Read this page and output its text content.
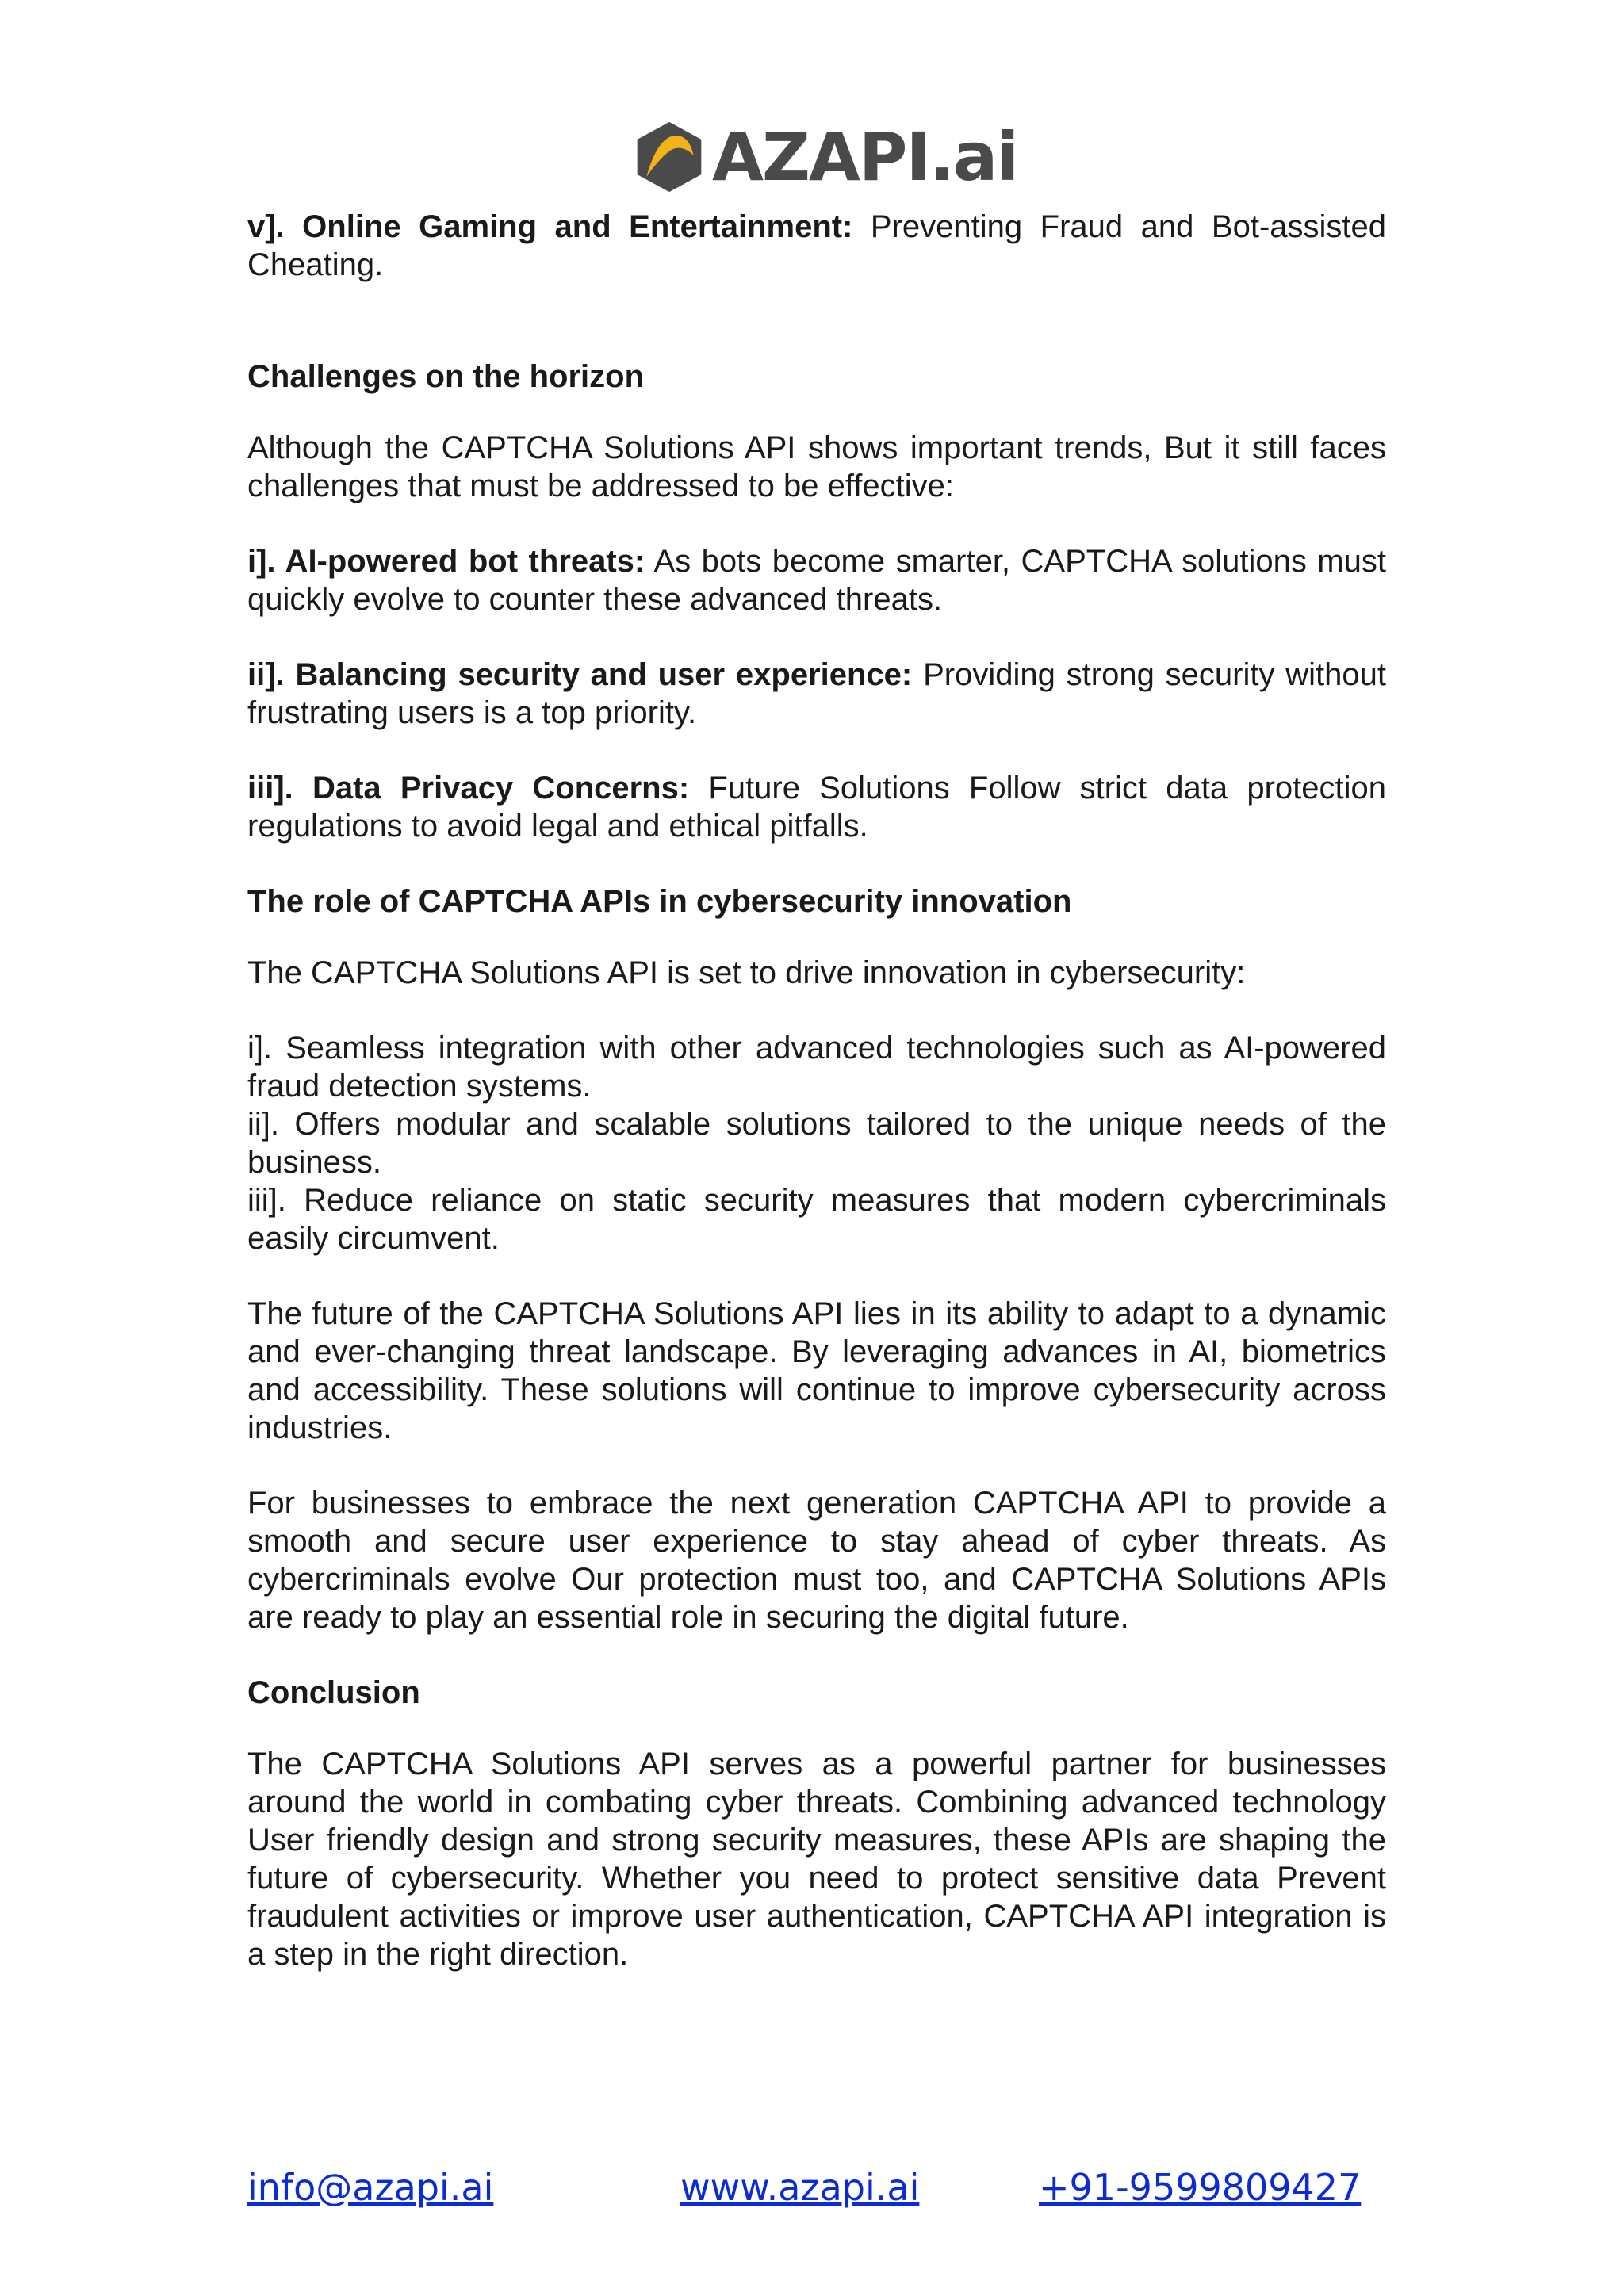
AZAPI.ai

v]. Online Gaming and Entertainment: Preventing Fraud and Bot-assisted Cheating.

Challenges on the horizon

Although the CAPTCHA Solutions API shows important trends, But it still faces challenges that must be addressed to be effective:

i]. AI-powered bot threats: As bots become smarter, CAPTCHA solutions must quickly evolve to counter these advanced threats.

ii]. Balancing security and user experience: Providing strong security without frustrating users is a top priority.

iii]. Data Privacy Concerns: Future Solutions Follow strict data protection regulations to avoid legal and ethical pitfalls.

The role of CAPTCHA APIs in cybersecurity innovation

The CAPTCHA Solutions API is set to drive innovation in cybersecurity:

i]. Seamless integration with other advanced technologies such as AI-powered fraud detection systems.

ii]. Offers modular and scalable solutions tailored to the unique needs of the business.

iii]. Reduce reliance on static security measures that modern cybercriminals easily circumvent.

The future of the CAPTCHA Solutions API lies in its ability to adapt to a dynamic and ever-changing threat landscape. By leveraging advances in AI, biometrics and accessibility. These solutions will continue to improve cybersecurity across industries.

For businesses to embrace the next generation CAPTCHA API to provide a smooth and secure user experience to stay ahead of cyber threats. As cybercriminals evolve Our protection must too, and CAPTCHA Solutions APIs are ready to play an essential role in securing the digital future.

Conclusion

The CAPTCHA Solutions API serves as a powerful partner for businesses around the world in combating cyber threats. Combining advanced technology User friendly design and strong security measures, these APIs are shaping the future of cybersecurity. Whether you need to protect sensitive data Prevent fraudulent activities or improve user authentication, CAPTCHA API integration is a step in the right direction.

info@azapi.ai	www.azapi.ai	+91-9599809427
